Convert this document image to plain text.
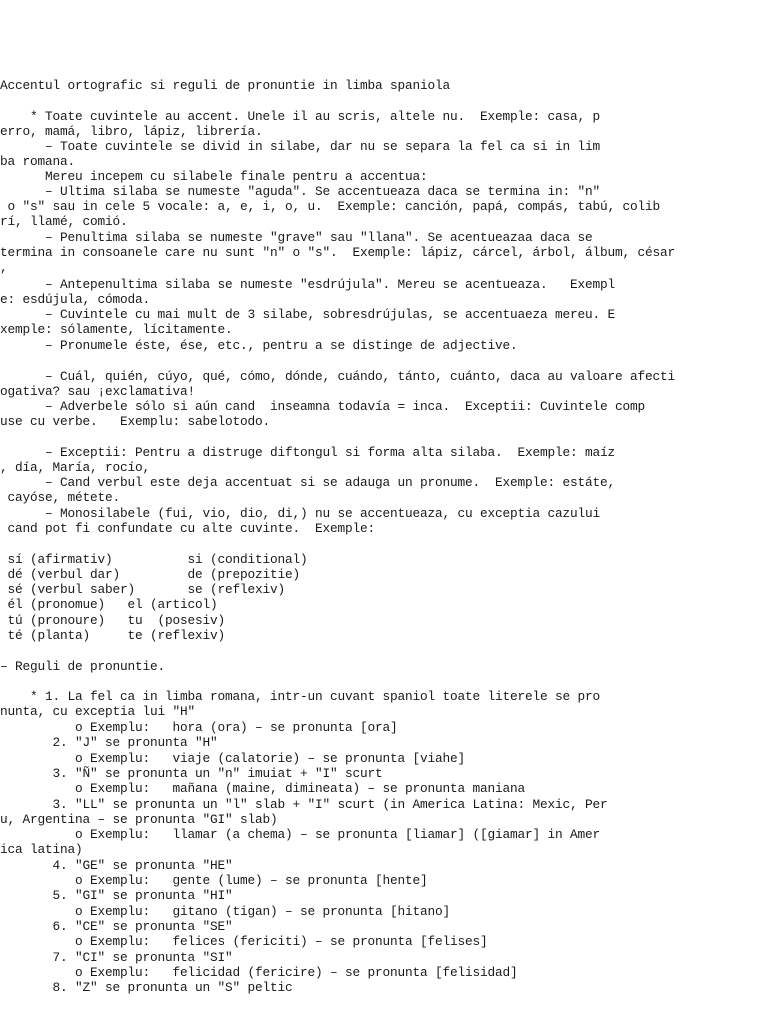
Accentul ortografic si reguli de pronuntie in limba spaniola

* Toate cuvintele au accent. Unele il au scris, altele nu.  Exemple: casa, p

erro, mamá, libro, lápiz, librería.

– Toate cuvintele se divid in silabe, dar nu se separa la fel ca si in lim

ba romana.

Mereu incepem cu silabele finale pentru a accentua:

– Ultima silaba se numeste "aguda". Se accentueaza daca se termina in: "n"

o "s" sau in cele 5 vocale: a, e, i, o, u.  Exemple: canción, papá, compás, tabú, colib

rí, llamé, comió.

– Penultima silaba se numeste "grave" sau "llana". Se acentueazaa daca se

termina in consoanele care nu sunt "n" o "s".  Exemple: lápiz, cárcel, árbol, álbum, césar

,

– Antepenultima silaba se numeste "esdrújula". Mereu se acentueaza.   Exempl

e: esdújula, cómoda.

– Cuvintele cu mai mult de 3 silabe, sobresdrújulas, se accentuaeza mereu. E

xemple: sólamente, lícitamente.

– Pronumele éste, ése, etc., pentru a se distinge de adjective.

– Cuál, quién, cúyo, qué, cómo, dónde, cuándo, tánto, cuánto, daca au valoare afecti

ogativa? sau ¡exclamativa!

– Adverbele sólo si aún cand  inseamna todavía = inca.  Exceptii: Cuvintele comp

use cu verbe.   Exemplu: sabelotodo.

– Exceptii: Pentru a distruge diftongul si forma alta silaba.  Exemple: maíz

, día, María, rocío,

– Cand verbul este deja accentuat si se adauga un pronume.  Exemple: estáte,

cayóse, métete.

– Monosilabele (fui, vio, dio, di,) nu se accentueaza, cu exceptia cazului

cand pot fi confundate cu alte cuvinte.  Exemple:

sí (afirmativ)          si (conditional)

dé (verbul dar)         de (prepozitie)

sé (verbul saber)       se (reflexiv)

él (pronomue)   el (articol)

tú (pronoure)   tu  (posesiv)

té (planta)     te (reflexiv)

– Reguli de pronuntie.

* 1. La fel ca in limba romana, intr-un cuvant spaniol toate literele se pro

nunta, cu exceptia lui "H"

o Exemplu:   hora (ora) – se pronunta [ora]

2. "J" se pronunta "H"

o Exemplu:   viaje (calatorie) – se pronunta [viahe]

3. "Ñ" se pronunta un "n" imuiat + "I" scurt

o Exemplu:   mañana (maine, dimineata) – se pronunta maniana

3. "LL" se pronunta un "l" slab + "I" scurt (in America Latina: Mexic, Per

u, Argentina – se pronunta "GI" slab)

o Exemplu:   llamar (a chema) – se pronunta [liamar] ([giamar] in Amer

ica latina)

4. "GE" se pronunta "HE"

o Exemplu:   gente (lume) – se pronunta [hente]

5. "GI" se pronunta "HI"

o Exemplu:   gitano (tigan) – se pronunta [hitano]

6. "CE" se pronunta "SE"

o Exemplu:   felices (fericiti) – se pronunta [felises]

7. "CI" se pronunta "SI"

o Exemplu:   felicidad (fericire) – se pronunta [felisidad]

8. "Z" se pronunta un "S" peltic
